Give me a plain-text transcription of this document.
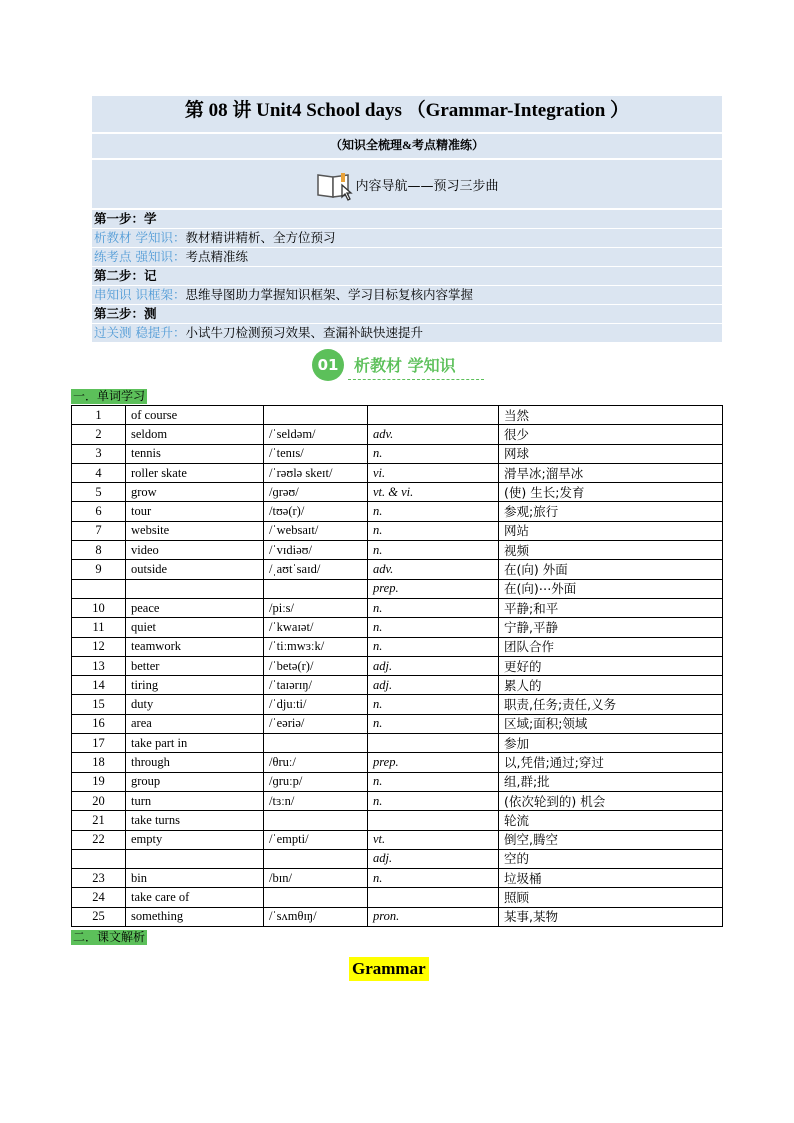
第 08 讲 Unit4 School days （Grammar-Integration ）
（知识全梳理&考点精准练）
内容导航——预习三步曲
第一步：学
析教材 学知识：教材精讲精析、全方位预习
练考点 强知识：考点精准练
第二步：记
串知识 识框架：思维导图助力掌握知识框架、学习目标复核内容掌握
第三步：测
过关测 稳提升：小试牛刀检测预习效果、查漏补缺快速提升
01 析教材 学知识
一．单词学习
1	of course			当然
2	seldom	/ˈseldəm/	adv.	很少
3	tennis	/ˈtenɪs/	n.	网球
4	roller skate	/ˈrəʊlə skeɪt/	vi.	滑旱冰;溜旱冰
5	grow	/ɡrəʊ/	vt. & vi.	(使) 生长;发育
6	tour	/tʊə(r)/	n.	参观;旅行
7	website	/ˈwebsaɪt/	n.	网站
8	video	/ˈvɪdiəʊ/	n.	视频
9	outside	/ˌaʊtˈsaɪd/	adv.	在(向) 外面
			prep.	在(向)⋯外面
10	peace	/piːs/	n.	平静;和平
11	quiet	/ˈkwaɪət/	n.	宁静,平静
12	teamwork	/ˈtiːmwɜːk/	n.	团队合作
13	better	/ˈbetə(r)/	adj.	更好的
14	tiring	/ˈtaɪərɪŋ/	adj.	累人的
15	duty	/ˈdjuːti/	n.	职责,任务;责任,义务
16	area	/ˈeəriə/	n.	区域;面积;领域
17	take part in			参加
18	through	/θruː/	prep.	以,凭借;通过;穿过
19	group	/ɡruːp/	n.	组,群;批
20	turn	/tɜːn/	n.	(依次轮到的) 机会
21	take turns			轮流
22	empty	/ˈempti/	vt.	倒空,腾空
			adj.	空的
23	bin	/bɪn/	n.	垃圾桶
24	take care of			照顾
25	something	/ˈsʌmθɪŋ/	pron.	某事,某物
二．课文解析
Grammar
